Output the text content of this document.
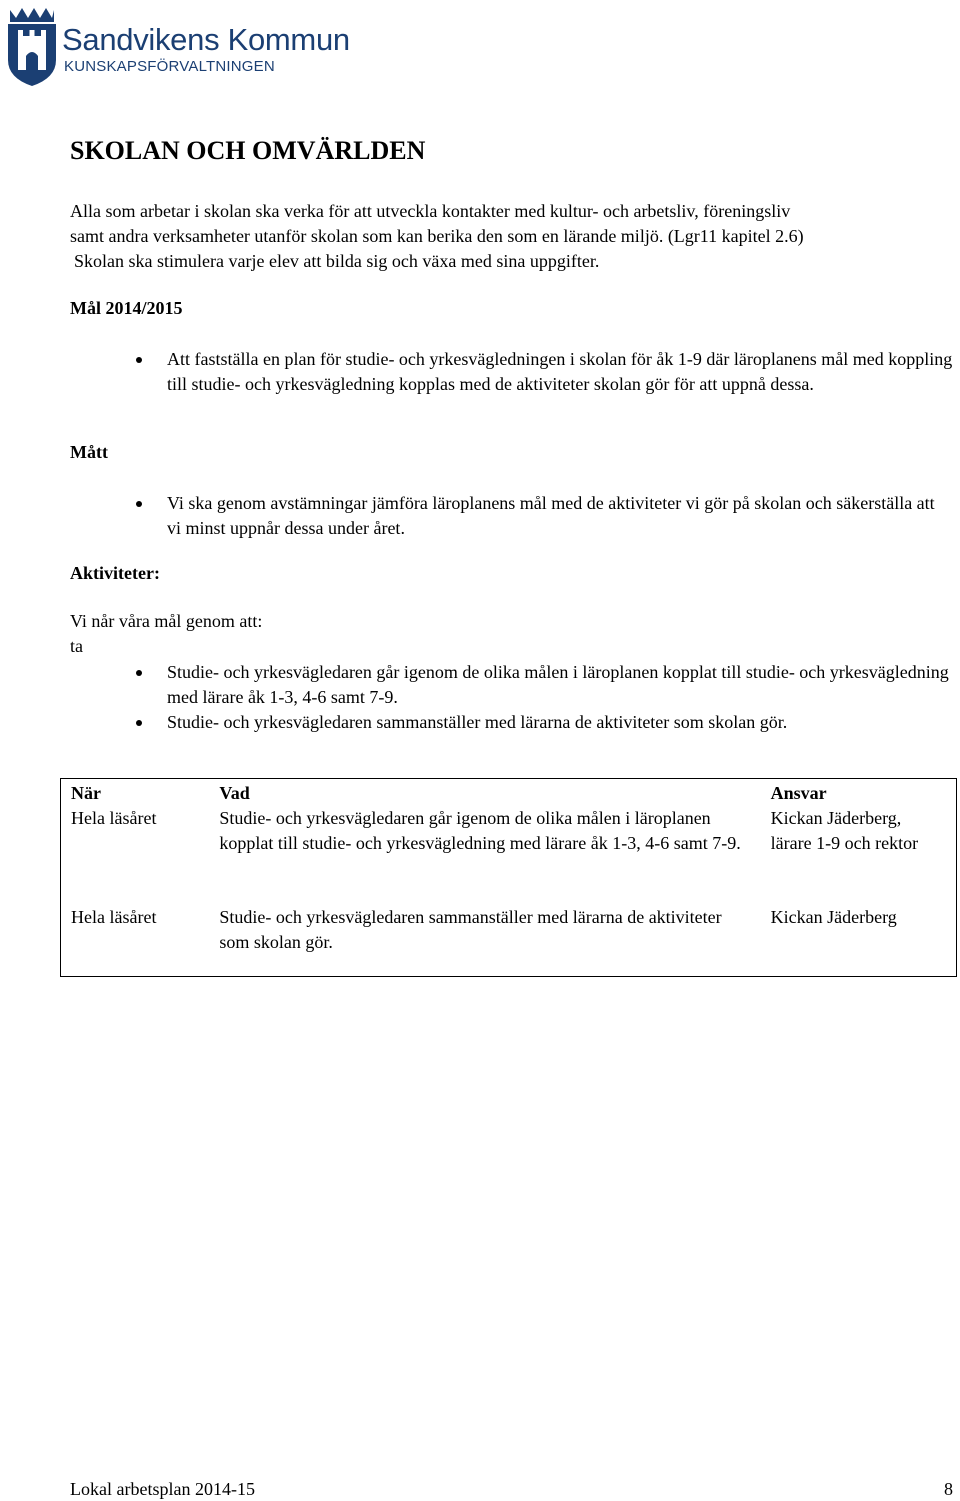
Sandvikens Kommun
KUNSKAPSFÖRVALTNINGEN
SKOLAN OCH OMVÄRLDEN
Alla som arbetar i skolan ska verka för att utveckla kontakter med kultur- och arbetsliv, föreningsliv
samt andra verksamheter utanför skolan som kan berika den som en lärande miljö. (Lgr11 kapitel 2.6)
Skolan ska stimulera varje elev att bilda sig och växa med sina uppgifter.
Mål 2014/2015
Att fastställa en plan för studie- och yrkesvägledningen i skolan för åk 1-9 där läroplanens mål med koppling till studie- och yrkesvägledning kopplas med de aktiviteter skolan gör för att uppnå dessa.
Mått
Vi ska genom avstämningar jämföra läroplanens mål med de aktiviteter vi gör på skolan och säkerställa att vi minst uppnår dessa under året.
Aktiviteter:
Vi når våra mål genom att:
ta
Studie- och yrkesvägledaren går igenom de olika målen i läroplanen kopplat till studie- och yrkesvägledning med lärare åk 1-3, 4-6 samt 7-9.
Studie- och yrkesvägledaren sammanställer med lärarna de aktiviteter som skolan gör.
När	Vad	Ansvar
Hela läsåret	Studie- och yrkesvägledaren går igenom de olika målen i läroplanen kopplat till studie- och yrkesvägledning med lärare åk 1-3, 4-6 samt 7-9.	Kickan Jäderberg, lärare 1-9 och rektor
Hela läsåret	Studie- och yrkesvägledaren sammanställer med lärarna de aktiviteter som skolan gör.	Kickan Jäderberg
Lokal arbetsplan 2014-15	8
